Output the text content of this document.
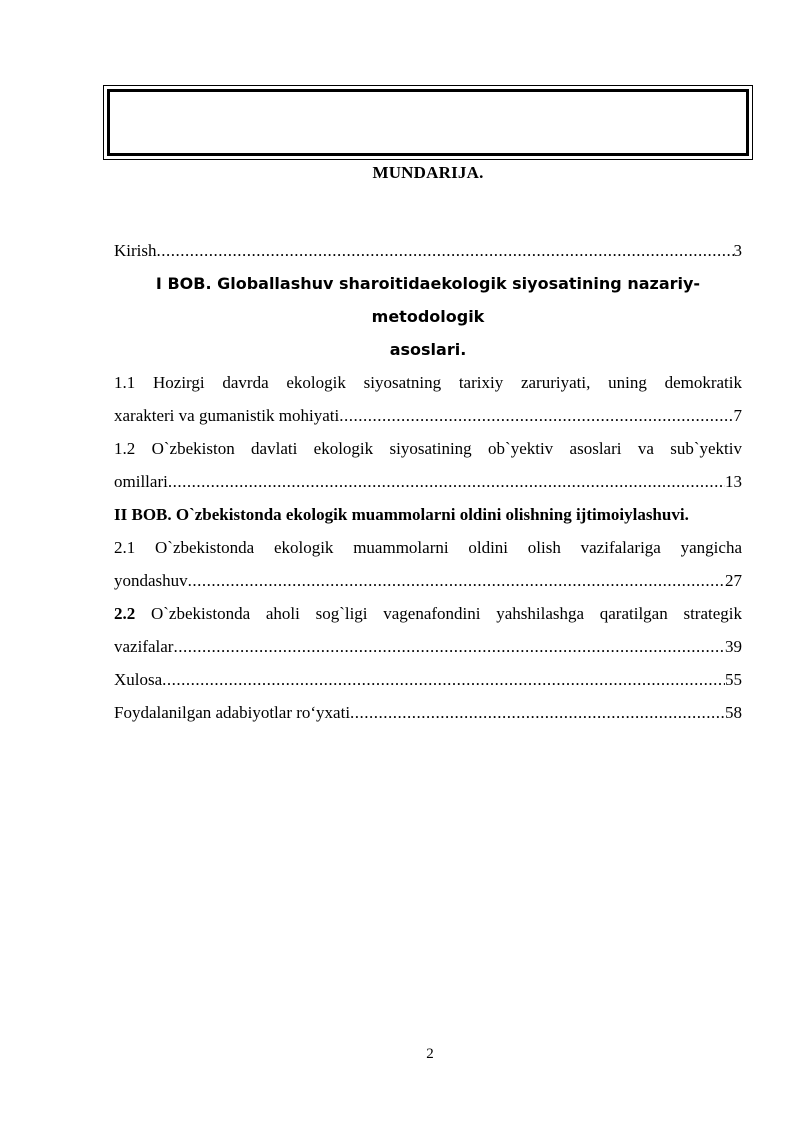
MUNDARIJA.
Kirish .....	3
I BOB. Globallashuv sharoitidaekologik siyosatining nazariy-metodologik
asoslari.
1.1 Hozirgi davrda ekologik siyosatning tarixiy zaruriyati, uning demokratik
xarakteri va gumanistik mohiyati .....	7
1.2 O`zbekiston davlati ekologik siyosatining ob`yektiv asoslari va sub`yektiv
omillari .....	13
II BOB. O`zbekistonda ekologik muammolarni oldini olishning ijtimoiylashuvi.
2.1 O`zbekistonda ekologik muammolarni oldini olish vazifalariga yangicha
yondashuv .....	27
2.2 O`zbekistonda aholi sog`ligi vagenafondini yahshilashga qaratilgan strategik
vazifalar .....	39
Xulosa .....	55
Foydalanilgan adabiyotlar ro‘yxati .....	58
2
